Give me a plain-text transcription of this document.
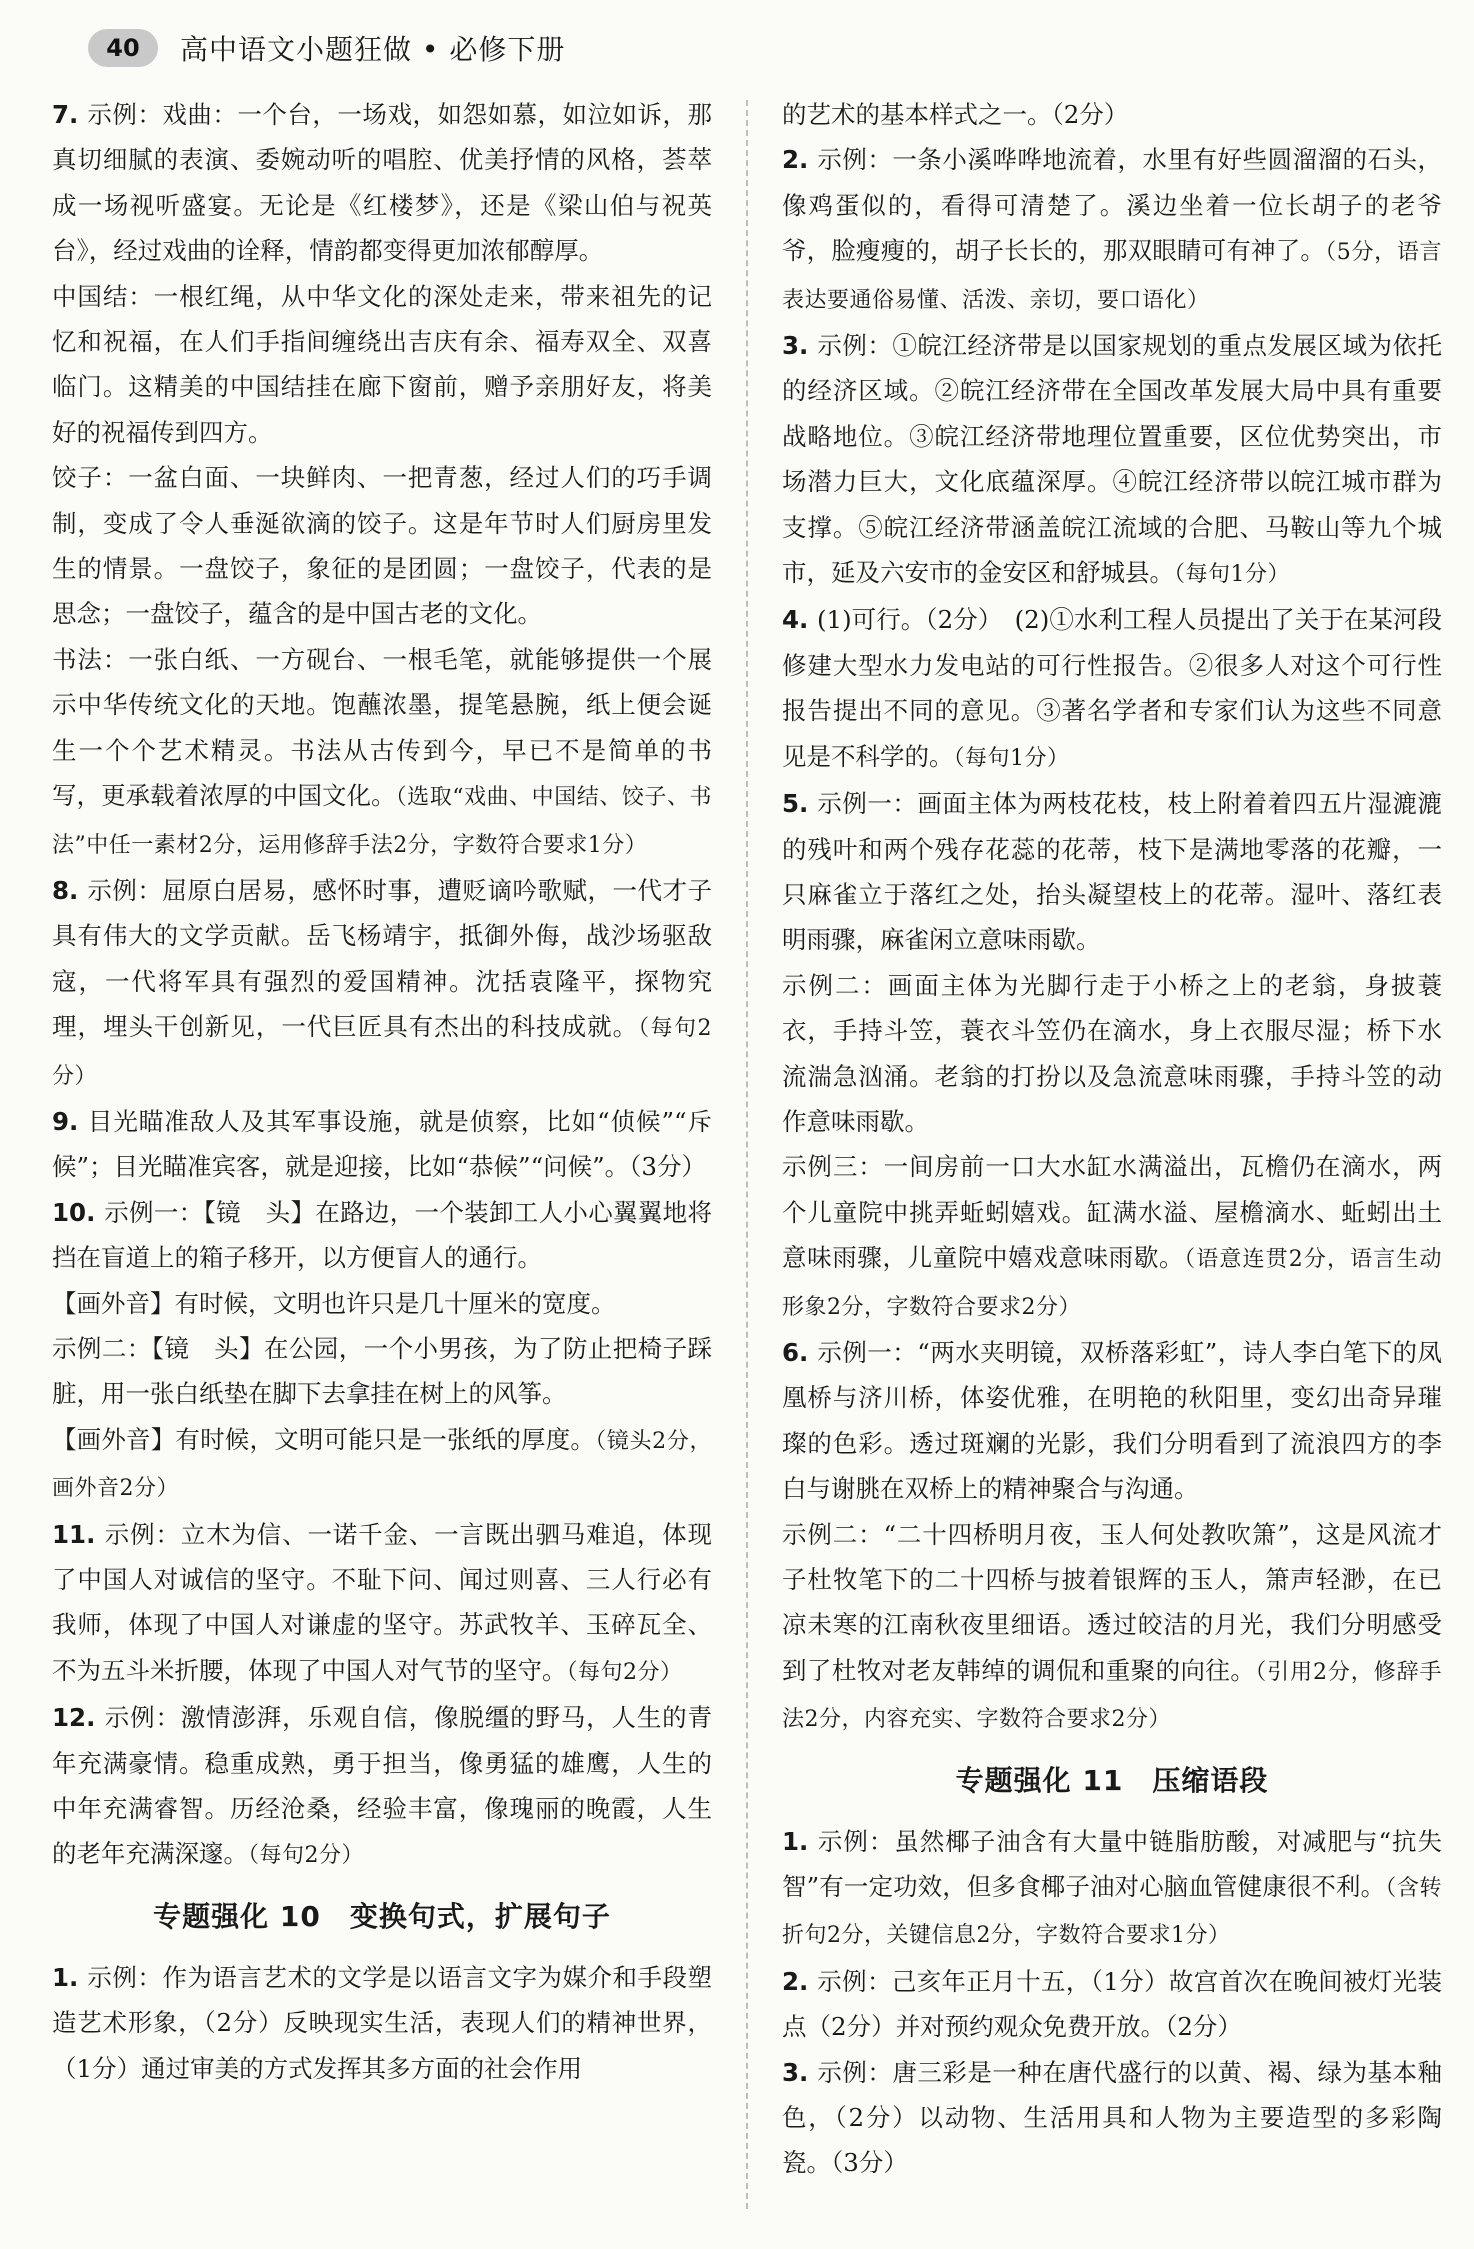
40	高中语文小题狂做 • 必修下册

7. 示例：戏曲：一个台，一场戏，如怨如慕，如泣如诉，那真切细腻的表演、委婉动听的唱腔、优美抒情的风格，荟萃成一场视听盛宴。无论是《红楼梦》，还是《梁山伯与祝英台》，经过戏曲的诠释，情韵都变得更加浓郁醇厚。

中国结：一根红绳，从中华文化的深处走来，带来祖先的记忆和祝福，在人们手指间缠绕出吉庆有余、福寿双全、双喜临门。这精美的中国结挂在廊下窗前，赠予亲朋好友，将美好的祝福传到四方。

饺子：一盆白面、一块鲜肉、一把青葱，经过人们的巧手调制，变成了令人垂涎欲滴的饺子。这是年节时人们厨房里发生的情景。一盘饺子，象征的是团圆；一盘饺子，代表的是思念；一盘饺子，蕴含的是中国古老的文化。

书法：一张白纸、一方砚台、一根毛笔，就能够提供一个展示中华传统文化的天地。饱蘸浓墨，提笔悬腕，纸上便会诞生一个个艺术精灵。书法从古传到今，早已不是简单的书写，更承载着浓厚的中国文化。（选取“戏曲、中国结、饺子、书法”中任一素材2分，运用修辞手法2分，字数符合要求1分）

8. 示例：屈原白居易，感怀时事，遭贬谪吟歌赋，一代才子具有伟大的文学贡献。岳飞杨靖宇，抵御外侮，战沙场驱敌寇，一代将军具有强烈的爱国精神。沈括袁隆平，探物究理，埋头干创新见，一代巨匠具有杰出的科技成就。（每句2分）

9. 目光瞄准敌人及其军事设施，就是侦察，比如“侦候”“斥候”；目光瞄准宾客，就是迎接，比如“恭候”“问候”。（3分）

10. 示例一：【镜　头】在路边，一个装卸工人小心翼翼地将挡在盲道上的箱子移开，以方便盲人的通行。

【画外音】有时候，文明也许只是几十厘米的宽度。

示例二：【镜　头】在公园，一个小男孩，为了防止把椅子踩脏，用一张白纸垫在脚下去拿挂在树上的风筝。

【画外音】有时候，文明可能只是一张纸的厚度。（镜头2分，画外音2分）

11. 示例：立木为信、一诺千金、一言既出驷马难追，体现了中国人对诚信的坚守。不耻下问、闻过则喜、三人行必有我师，体现了中国人对谦虚的坚守。苏武牧羊、玉碎瓦全、不为五斗米折腰，体现了中国人对气节的坚守。（每句2分）

12. 示例：激情澎湃，乐观自信，像脱缰的野马，人生的青年充满豪情。稳重成熟，勇于担当，像勇猛的雄鹰，人生的中年充满睿智。历经沧桑，经验丰富，像瑰丽的晚霞，人生的老年充满深邃。（每句2分）

专题强化 10　变换句式，扩展句子

1. 示例：作为语言艺术的文学是以语言文字为媒介和手段塑造艺术形象，（2分）反映现实生活，表现人们的精神世界，（1分）通过审美的方式发挥其多方面的社会作用

的艺术的基本样式之一。（2分）

2. 示例：一条小溪哗哗地流着，水里有好些圆溜溜的石头，像鸡蛋似的，看得可清楚了。溪边坐着一位长胡子的老爷爷，脸瘦瘦的，胡子长长的，那双眼睛可有神了。（5分，语言表达要通俗易懂、活泼、亲切，要口语化）

3. 示例：①皖江经济带是以国家规划的重点发展区域为依托的经济区域。②皖江经济带在全国改革发展大局中具有重要战略地位。③皖江经济带地理位置重要，区位优势突出，市场潜力巨大，文化底蕴深厚。④皖江经济带以皖江城市群为支撑。⑤皖江经济带涵盖皖江流域的合肥、马鞍山等九个城市，延及六安市的金安区和舒城县。（每句1分）

4. (1)可行。（2分）　(2)①水利工程人员提出了关于在某河段修建大型水力发电站的可行性报告。②很多人对这个可行性报告提出不同的意见。③著名学者和专家们认为这些不同意见是不科学的。（每句1分）

5. 示例一：画面主体为两枝花枝，枝上附着着四五片湿漉漉的残叶和两个残存花蕊的花蒂，枝下是满地零落的花瓣，一只麻雀立于落红之处，抬头凝望枝上的花蒂。湿叶、落红表明雨骤，麻雀闲立意味雨歇。

示例二：画面主体为光脚行走于小桥之上的老翁，身披蓑衣，手持斗笠，蓑衣斗笠仍在滴水，身上衣服尽湿；桥下水流湍急汹涌。老翁的打扮以及急流意味雨骤，手持斗笠的动作意味雨歇。

示例三：一间房前一口大水缸水满溢出，瓦檐仍在滴水，两个儿童院中挑弄蚯蚓嬉戏。缸满水溢、屋檐滴水、蚯蚓出土意味雨骤，儿童院中嬉戏意味雨歇。（语意连贯2分，语言生动形象2分，字数符合要求2分）

6. 示例一：“两水夹明镜，双桥落彩虹”，诗人李白笔下的凤凰桥与济川桥，体姿优雅，在明艳的秋阳里，变幻出奇异璀璨的色彩。透过斑斓的光影，我们分明看到了流浪四方的李白与谢朓在双桥上的精神聚合与沟通。

示例二：“二十四桥明月夜，玉人何处教吹箫”，这是风流才子杜牧笔下的二十四桥与披着银辉的玉人，箫声轻渺，在已凉未寒的江南秋夜里细语。透过皎洁的月光，我们分明感受到了杜牧对老友韩绰的调侃和重聚的向往。（引用2分，修辞手法2分，内容充实、字数符合要求2分）

专题强化 11　压缩语段

1. 示例：虽然椰子油含有大量中链脂肪酸，对减肥与“抗失智”有一定功效，但多食椰子油对心脑血管健康很不利。（含转折句2分，关键信息2分，字数符合要求1分）

2. 示例：己亥年正月十五，（1分）故宫首次在晚间被灯光装点（2分）并对预约观众免费开放。（2分）

3. 示例：唐三彩是一种在唐代盛行的以黄、褐、绿为基本釉色，（2分）以动物、生活用具和人物为主要造型的多彩陶瓷。（3分）
